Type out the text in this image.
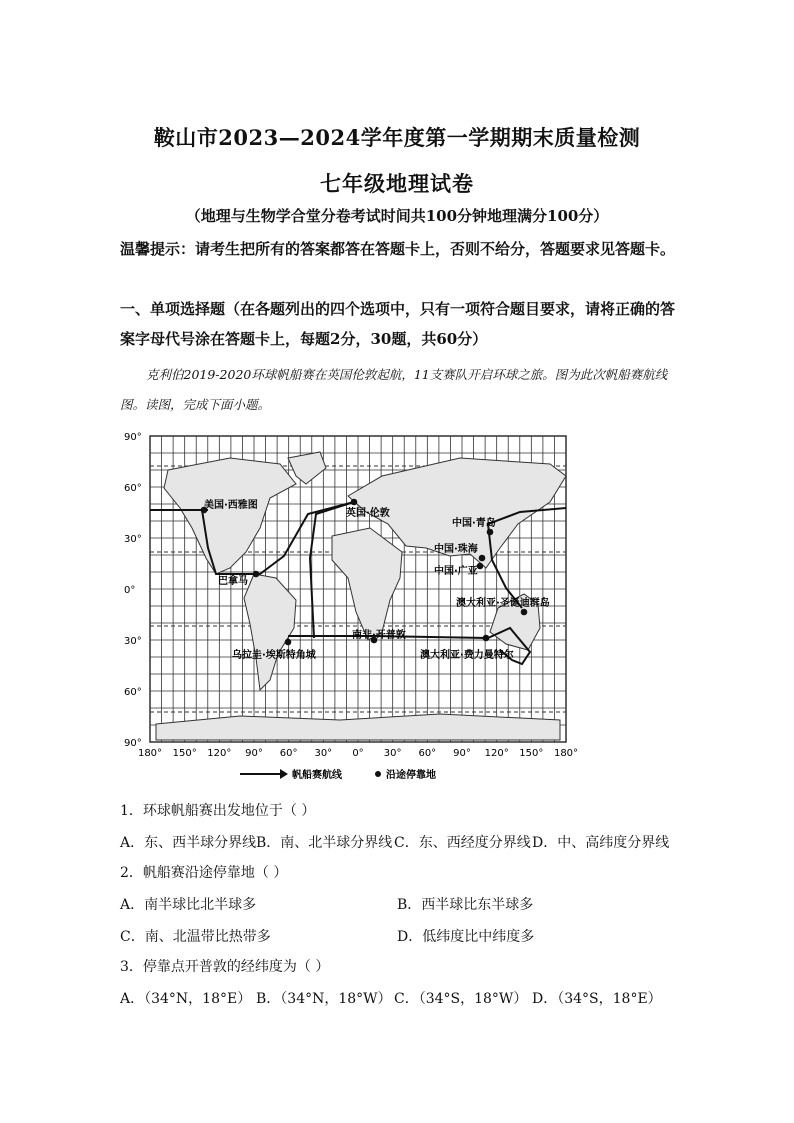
鞍山市2023—2024学年度第一学期期末质量检测
七年级地理试卷
（地理与生物学合堂分卷考试时间共100分钟地理满分100分）
温馨提示：请考生把所有的答案都答在答题卡上，否则不给分，答题要求见答题卡。
一、单项选择题（在各题列出的四个选项中，只有一项符合题目要求，请将正确的答案字母代号涂在答题卡上，每题2分，30题，共60分）
克利伯2019-2020环球帆船赛在英国伦敦起航，11支赛队开启环球之旅。图为此次帆船赛航线图。读图，完成下面小题。
美国·西雅图
英国·伦敦
中国·青岛
中国·珠海
中国·广亚
澳大利亚·圣诞迪群岛
巴拿马
南非·开普敦
乌拉圭·埃斯特角城	澳大利亚·费力曼特尔
90°
60°
30°
0°
30°
60°
90°
180° 150° 120° 90° 60° 30° 0° 30° 60° 90° 120° 150° 180°
帆船赛航线	沿途停靠地
1．环球帆船赛出发地位于（ ）
A．东、西半球分界线 B．南、北半球分界线 C．东、西经度分界线 D．中、高纬度分界线
2．帆船赛沿途停靠地（ ）
A．南半球比北半球多	B．西半球比东半球多
C．南、北温带比热带多	D．低纬度比中纬度多
3．停靠点开普敦的经纬度为（ ）
A．（34°N，18°E） B．（34°N，18°W） C．（34°S，18°W） D．（34°S，18°E）
